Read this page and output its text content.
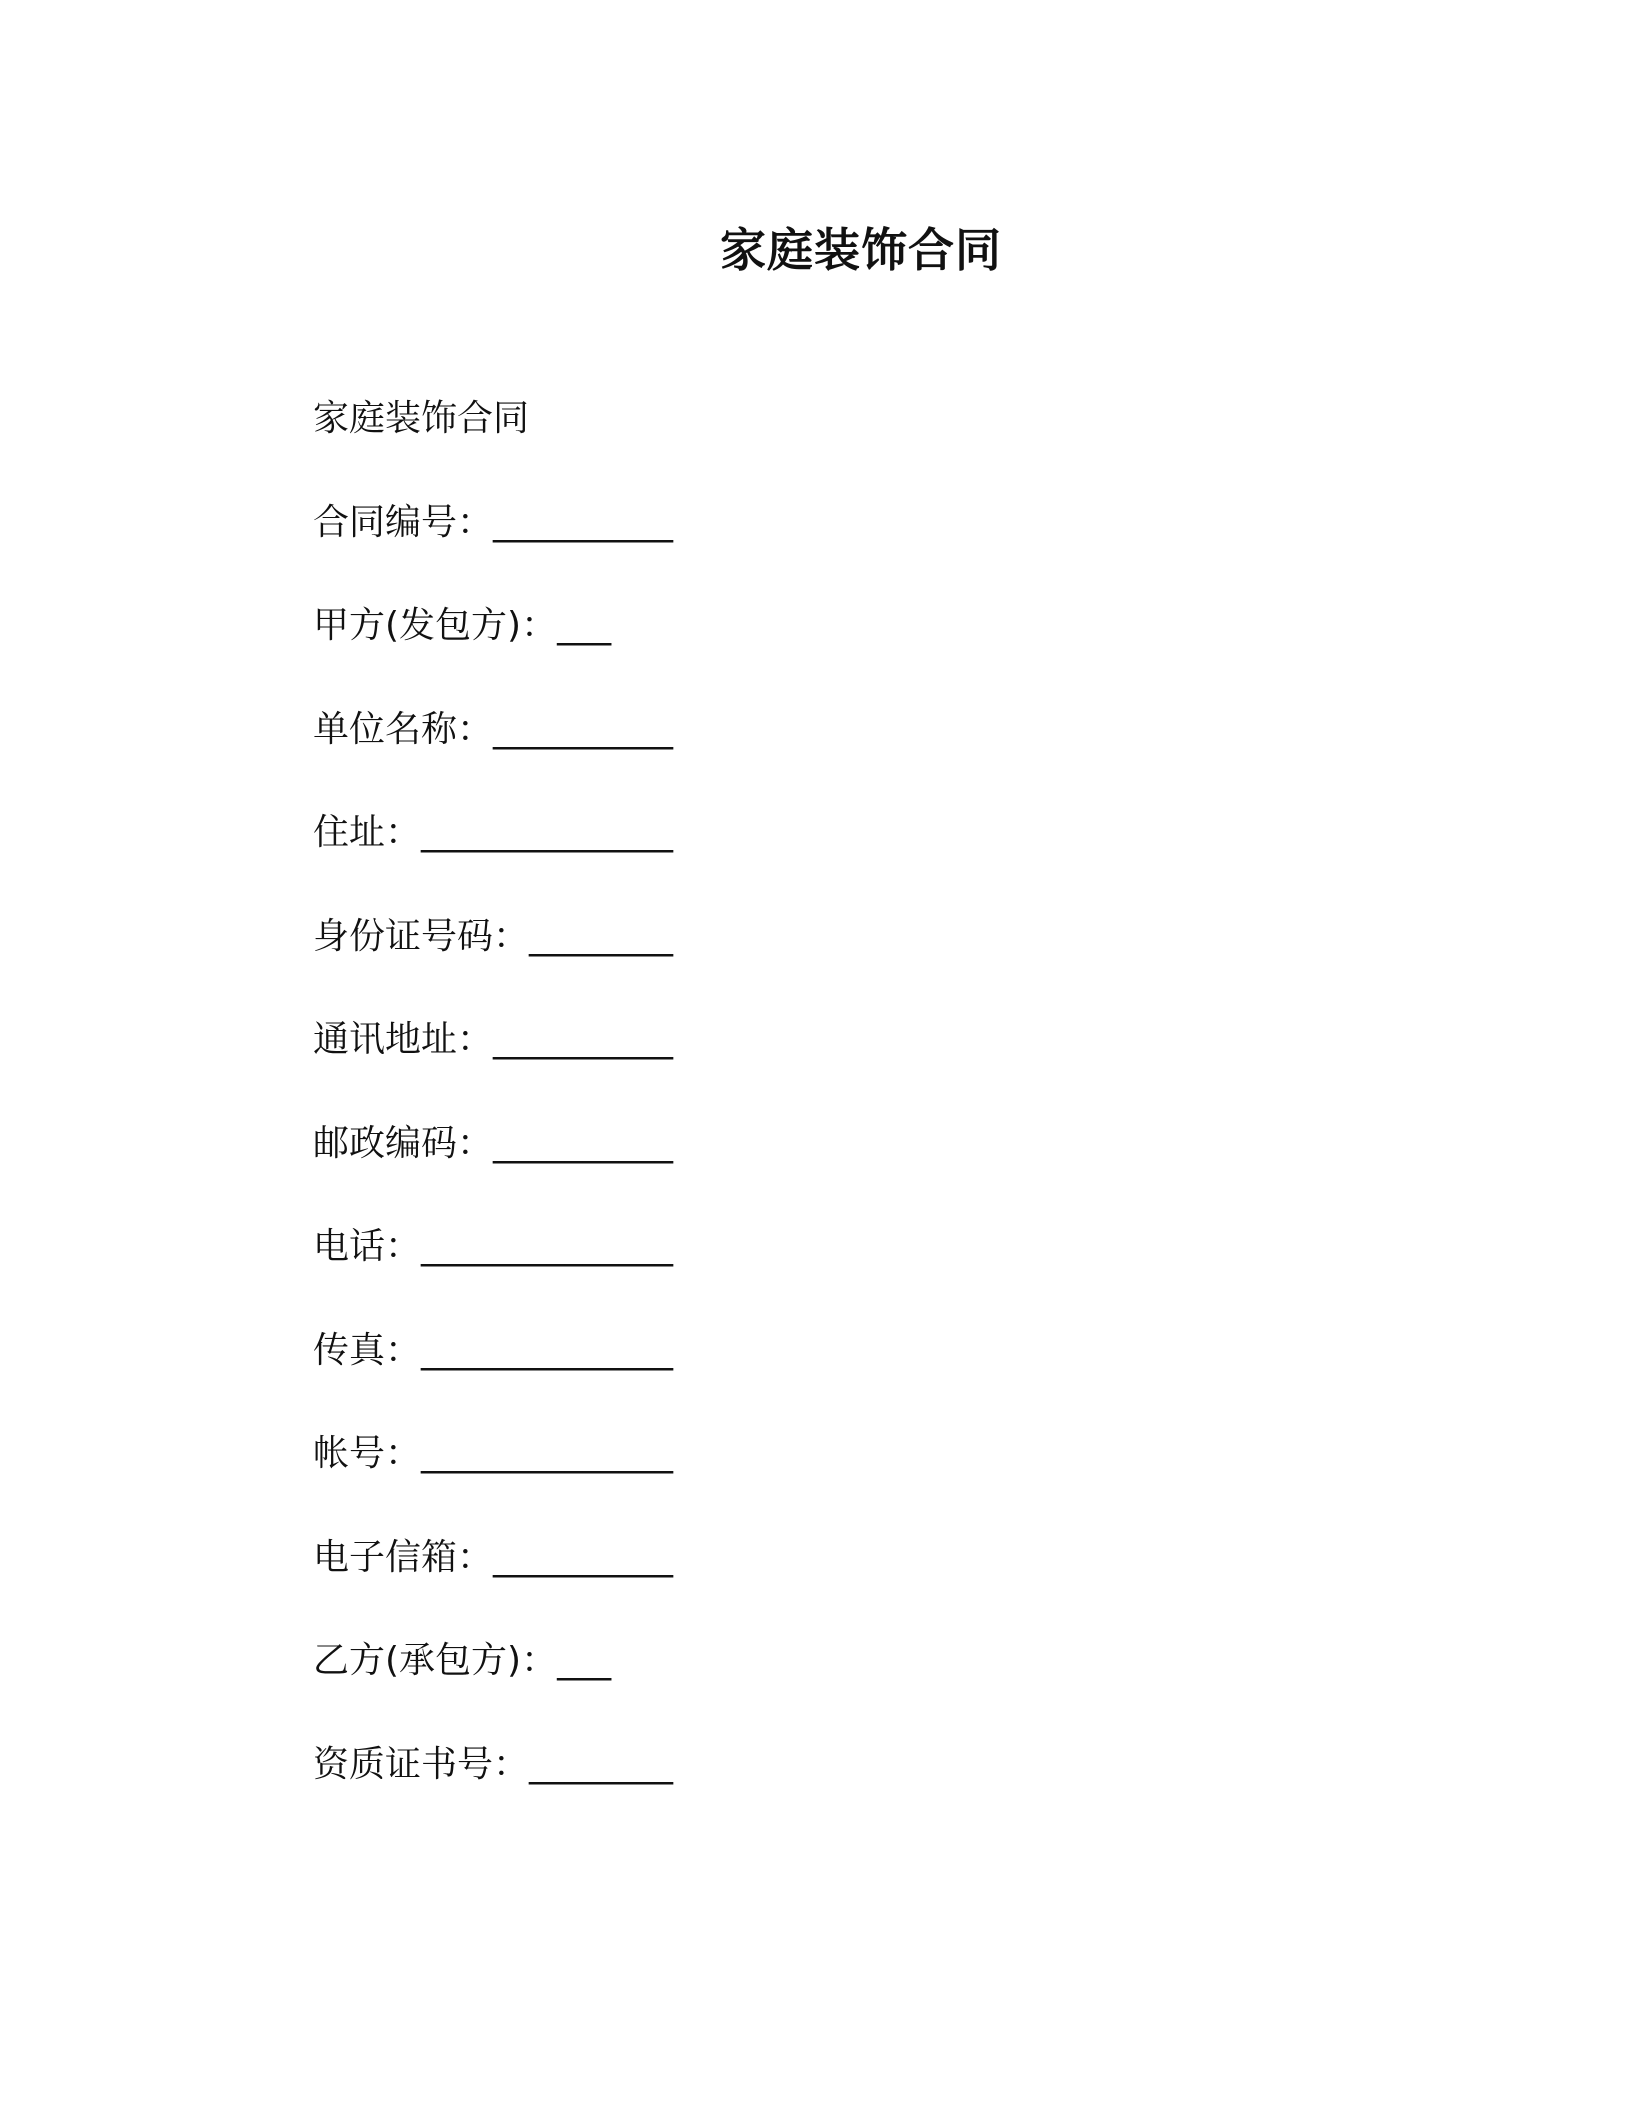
家庭装饰合同
家庭装饰合同
合同编号：__________
甲方(发包方)：___
单位名称：__________
住址：______________
身份证号码：________
通讯地址：__________
邮政编码：__________
电话：______________
传真：______________
帐号：______________
电子信箱：__________
乙方(承包方)：___
资质证书号：________
